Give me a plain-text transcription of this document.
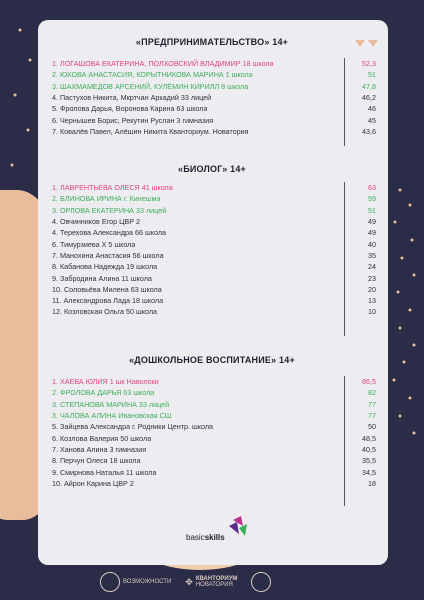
«ПРЕДПРИНИМАТЕЛЬСТВО» 14+
1. ЛОГАШОВА ЕКАТЕРИНА, ПОЛХОВСКИЙ ВЛАДИМИР 18 школа	52,3
2. ЮХОВА АНАСТАСИЯ, КОРЫТНИКОВА МАРИНА 1 школа	51
3. ШАХМАМЕДОВ АРСЕНИЙ, КУЛЁМИН КИРИЛЛ 8 школа	47,8
4. Пастухов Никита, Мкртчан Аркадий 33 лицей	46,2
5. Фролова Дарья, Воронова Карина 63 школа	46
6. Чернышев Борис, Рекутин Руслан 3 гимназия	45
7. Ковалёв Павел, Алёшин Никита Кванториум. Новатория	43,6
«БИОЛОГ» 14+
1. ЛАВРЕНТЬЕВА ОЛЕСЯ 41 школа	63
2. БЛИНОВА ИРИНА г. Кинешма	59
3. ОРЛОВА ЕКАТЕРИНА 33 лицей	51
4. Овчинников Егор ЦВР 2	49
4. Терехова Александра 66 школа	49
6. Тимурзиева Х 5 школа	40
7. Манохина Анастасия 56 школа	35
8. Кабанова Надежда 19 школа	24
9. Забродина Алина 11 школа	23
10. Соловьёва Милена 63 школа	20
11. Александрова Лада 18 школа	13
12. Козловская Ольга 50 школа	10
«ДОШКОЛЬНОЕ ВОСПИТАНИЕ» 14+
1. ХАЕВА ЮЛИЯ 1 шк Наволоки	86,5
2. ФРОЛОВА ДАРЬЯ 63 школа	82
3. СТЕПАНОВА МАРИНА 33 лицей	77
3. ЧАЛОВА АЛИНА Ивановская СШ	77
5. Зайцева Александра г. Родники Центр. школа	50
6. Козлова Валерия 50 школа	48,5
7. Ханова Алина 3 гимназия	40,5
8. Перчун Олеся 18 школа	35,5
9. Смирнова Наталья 11 школа	34,5
10. Айрон Карина ЦВР 2	18
basicskills
ВОЗМОЖНОСТИ ✥ КВАНТОРИУМ
НОВАТОРИЯ
